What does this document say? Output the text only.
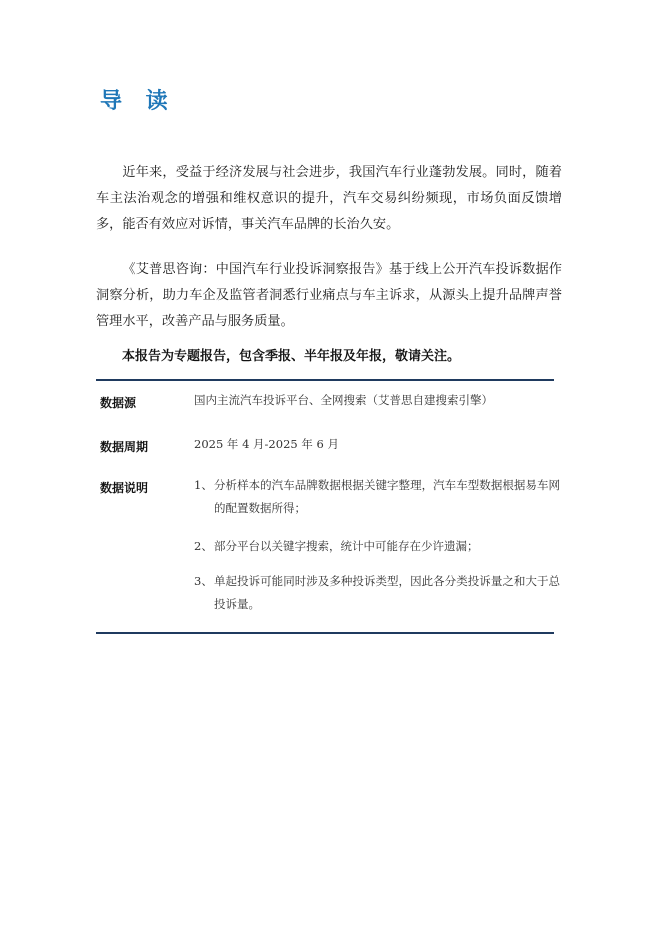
导 读

近年来，受益于经济发展与社会进步，我国汽车行业蓬勃发展。同时，随着车主法治观念的增强和维权意识的提升，汽车交易纠纷频现，市场负面反馈增多，能否有效应对诉情，事关汽车品牌的长治久安。

《艾普思咨询：中国汽车行业投诉洞察报告》基于线上公开汽车投诉数据作洞察分析，助力车企及监管者洞悉行业痛点与车主诉求，从源头上提升品牌声誉管理水平，改善产品与服务质量。

本报告为专题报告，包含季报、半年报及年报，敬请关注。

数据源	国内主流汽车投诉平台、全网搜索（艾普思自建搜索引擎）
数据周期	2025 年 4 月-2025 年 6 月
数据说明	1、 分析样本的汽车品牌数据根据关键字整理，汽车车型数据根据易车网的配置数据所得；
2、 部分平台以关键字搜索，统计中可能存在少许遗漏；
3、 单起投诉可能同时涉及多种投诉类型，因此各分类投诉量之和大于总投诉量。
